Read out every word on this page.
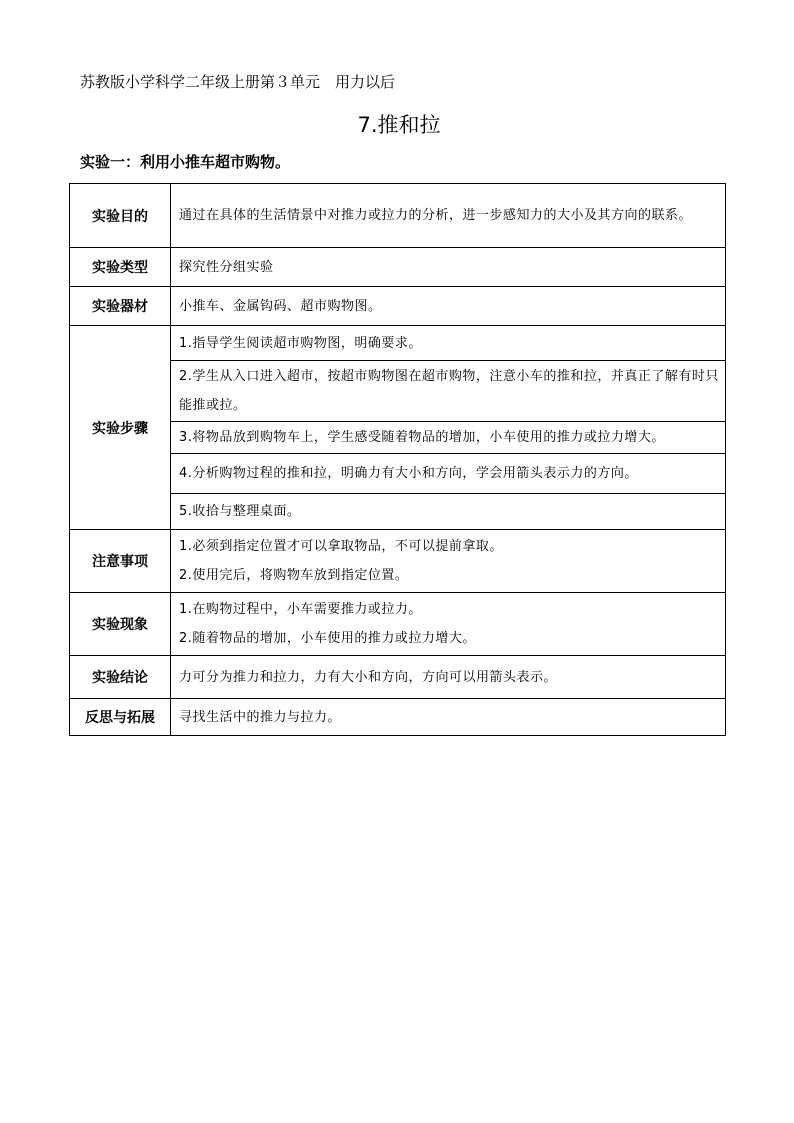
苏教版小学科学二年级上册第３单元　用力以后
7.推和拉
实验一：利用小推车超市购物。
实验目的	通过在具体的生活情景中对推力或拉力的分析，进一步感知力的大小及其方向的联系。
实验类型	探究性分组实验
实验器材	小推车、金属钩码、超市购物图。
实验步骤	1.指导学生阅读超市购物图，明确要求。
2.学生从入口进入超市，按超市购物图在超市购物，注意小车的推和拉，并真正了解有时只能推或拉。
3.将物品放到购物车上，学生感受随着物品的增加，小车使用的推力或拉力增大。
4.分析购物过程的推和拉，明确力有大小和方向，学会用箭头表示力的方向。
5.收拾与整理桌面。

注意事项	1.必须到指定位置才可以拿取物品，不可以提前拿取。
2.使用完后，将购物车放到指定位置。

实验现象	1.在购物过程中，小车需要推力或拉力。
2.随着物品的增加，小车使用的推力或拉力增大。

实验结论	力可分为推力和拉力，力有大小和方向，方向可以用箭头表示。
反思与拓展	寻找生活中的推力与拉力。
